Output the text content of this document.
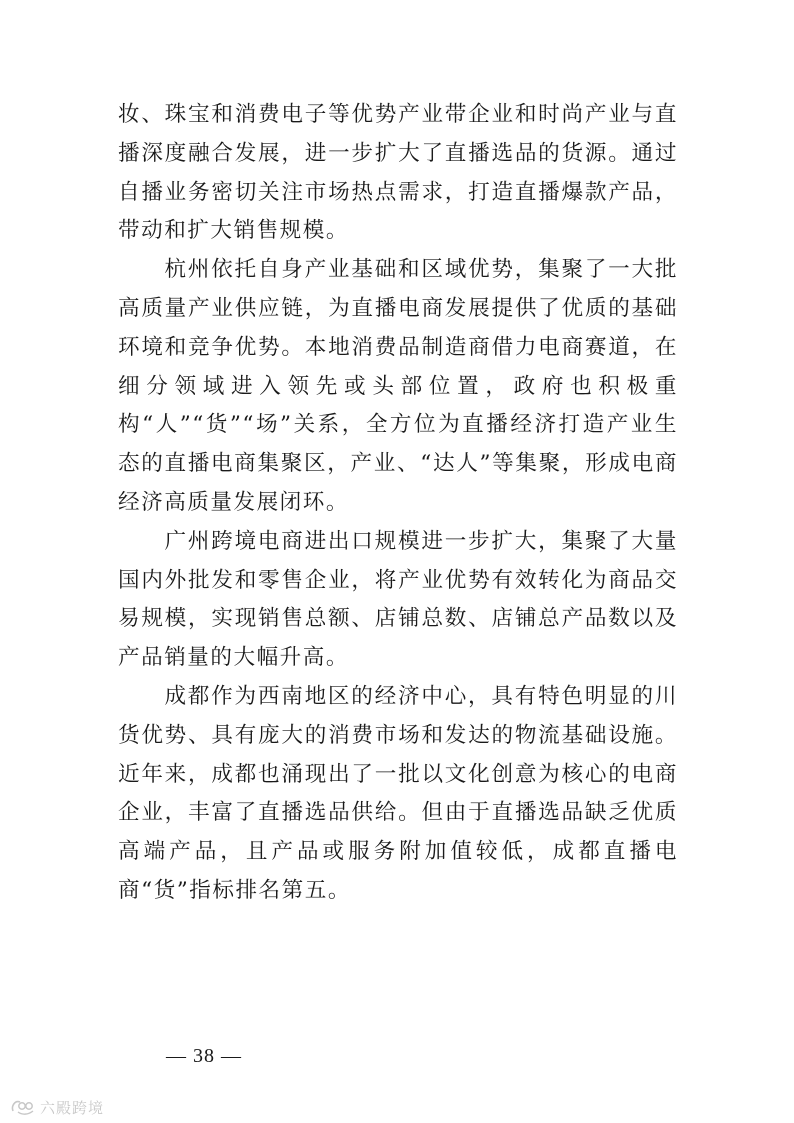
妆、珠宝和消费电子等优势产业带企业和时尚产业与直播深度融合发展，进一步扩大了直播选品的货源。通过自播业务密切关注市场热点需求，打造直播爆款产品，带动和扩大销售规模。

杭州依托自身产业基础和区域优势，集聚了一大批高质量产业供应链，为直播电商发展提供了优质的基础环境和竞争优势。本地消费品制造商借力电商赛道，在细分领域进入领先或头部位置，政府也积极重构“人”“货”“场”关系，全方位为直播经济打造产业生态的直播电商集聚区，产业、“达人”等集聚，形成电商经济高质量发展闭环。

广州跨境电商进出口规模进一步扩大，集聚了大量国内外批发和零售企业，将产业优势有效转化为商品交易规模，实现销售总额、店铺总数、店铺总产品数以及产品销量的大幅升高。

成都作为西南地区的经济中心，具有特色明显的川货优势、具有庞大的消费市场和发达的物流基础设施。近年来，成都也涌现出了一批以文化创意为核心的电商企业，丰富了直播选品供给。但由于直播选品缺乏优质高端产品，且产品或服务附加值较低，成都直播电商“货”指标排名第五。

— 38 —
六殿跨境
